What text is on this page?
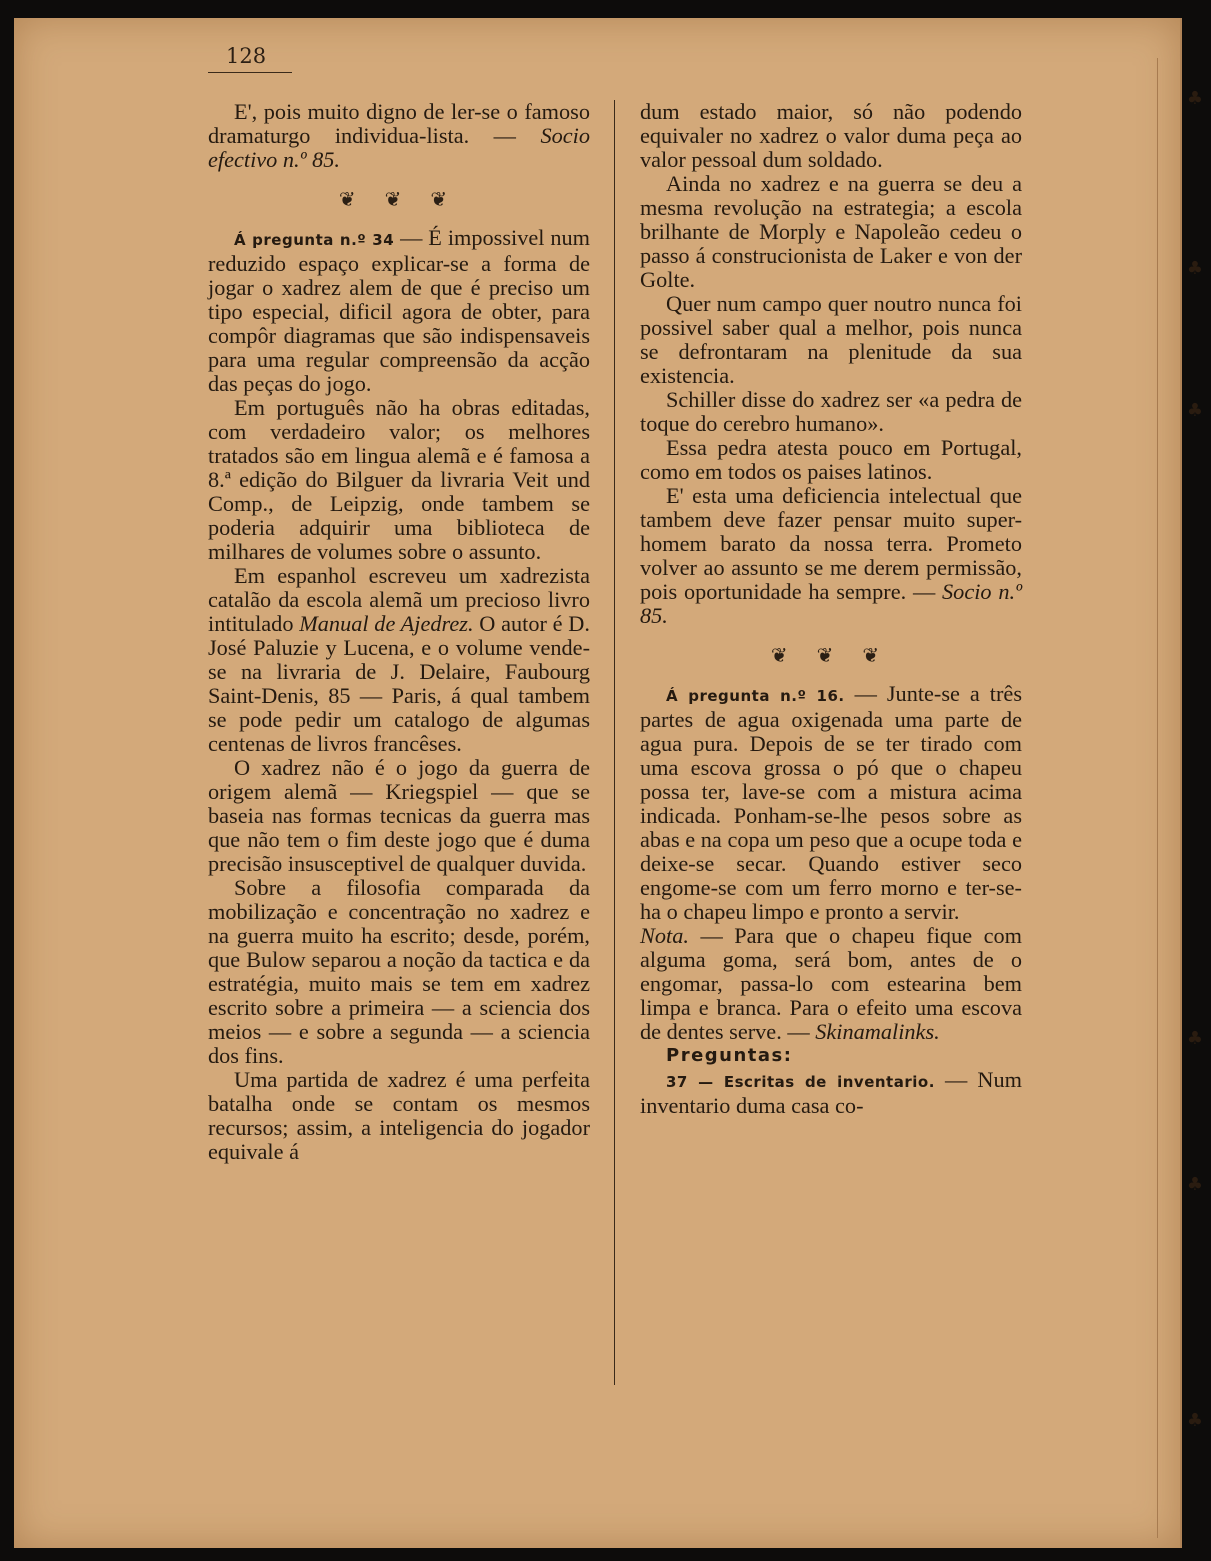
♣
♣
♣
♣
♣
♣
128

E', pois muito digno de ler-se o famoso dramaturgo individua-lista. — Socio efectivo n.º 85.

❦ ❦ ❦

Á pregunta n.º 34 — É impossivel num reduzido espaço explicar-se a forma de jogar o xadrez alem de que é preciso um tipo especial, dificil agora de obter, para compôr diagramas que são indispensaveis para uma regular compreensão da acção das peças do jogo.

Em português não ha obras editadas, com verdadeiro valor; os melhores tratados são em lingua alemã e é famosa a 8.ª edição do Bilguer da livraria Veit und Comp., de Leipzig, onde tambem se poderia adquirir uma biblioteca de milhares de volumes sobre o assunto.

Em espanhol escreveu um xadrezista catalão da escola alemã um precioso livro intitulado Manual de Ajedrez. O autor é D. José Paluzie y Lucena, e o volume vende-se na livraria de J. Delaire, Faubourg Saint-Denis, 85 — Paris, á qual tambem se pode pedir um catalogo de algumas centenas de livros francêses.

O xadrez não é o jogo da guerra de origem alemã — Kriegspiel — que se baseia nas formas tecnicas da guerra mas que não tem o fim deste jogo que é duma precisão insusceptivel de qualquer duvida.

Sobre a filosofia comparada da mobilização e concentração no xadrez e na guerra muito ha escrito; desde, porém, que Bulow separou a noção da tactica e da estratégia, muito mais se tem em xadrez escrito sobre a primeira — a sciencia dos meios — e sobre a segunda — a sciencia dos fins.

Uma partida de xadrez é uma perfeita batalha onde se contam os mesmos recursos; assim, a inteligencia do jogador equivale á

dum estado maior, só não podendo equivaler no xadrez o valor duma peça ao valor pessoal dum soldado.

Ainda no xadrez e na guerra se deu a mesma revolução na estrategia; a escola brilhante de Morply e Napoleão cedeu o passo á construcionista de Laker e von der Golte.

Quer num campo quer noutro nunca foi possivel saber qual a melhor, pois nunca se defrontaram na plenitude da sua existencia.

Schiller disse do xadrez ser «a pedra de toque do cerebro humano».

Essa pedra atesta pouco em Portugal, como em todos os paises latinos.

E' esta uma deficiencia intelectual que tambem deve fazer pensar muito super-homem barato da nossa terra. Prometo volver ao assunto se me derem permissão, pois oportunidade ha sempre. — Socio n.º 85.

❦ ❦ ❦

Á pregunta n.º 16. — Junte-se a três partes de agua oxigenada uma parte de agua pura. Depois de se ter tirado com uma escova grossa o pó que o chapeu possa ter, lave-se com a mistura acima indicada. Ponham-se-lhe pesos sobre as abas e na copa um peso que a ocupe toda e deixe-se secar. Quando estiver seco engome-se com um ferro morno e ter-se-ha o chapeu limpo e pronto a servir.

Nota. — Para que o chapeu fique com alguma goma, será bom, antes de o engomar, passa-lo com estearina bem limpa e branca. Para o efeito uma escova de dentes serve. — Skinamalinks.

Preguntas:

37 — Escritas de inventario. — Num inventario duma casa co-
